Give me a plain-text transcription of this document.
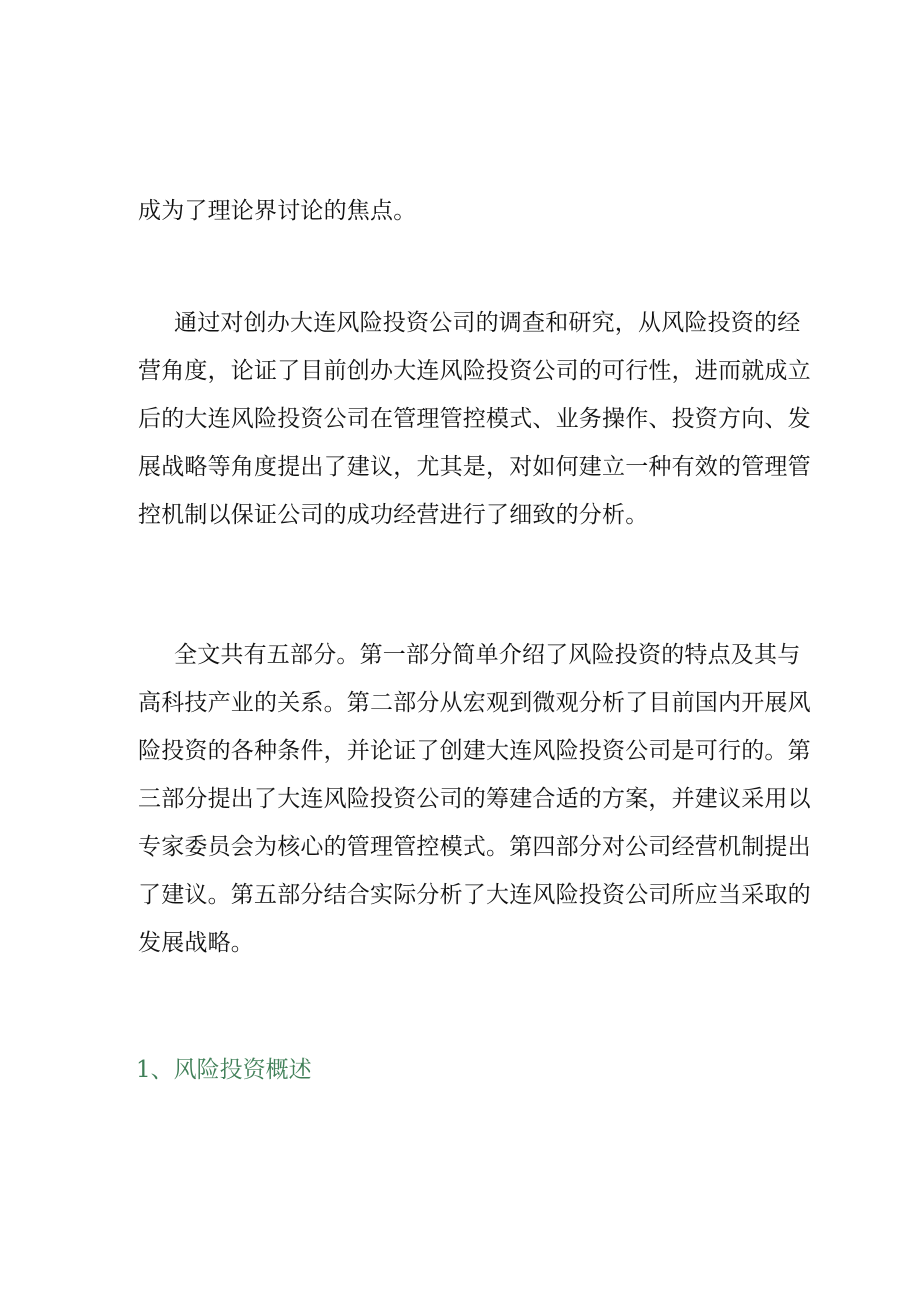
成为了理论界讨论的焦点。
通过对创办大连风险投资公司的调查和研究，从风险投资的经
营角度，论证了目前创办大连风险投资公司的可行性，进而就成立
后的大连风险投资公司在管理管控模式、业务操作、投资方向、发
展战略等角度提出了建议，尤其是，对如何建立一种有效的管理管
控机制以保证公司的成功经营进行了细致的分析。
全文共有五部分。第一部分简单介绍了风险投资的特点及其与
高科技产业的关系。第二部分从宏观到微观分析了目前国内开展风
险投资的各种条件，并论证了创建大连风险投资公司是可行的。第
三部分提出了大连风险投资公司的筹建合适的方案，并建议采用以
专家委员会为核心的管理管控模式。第四部分对公司经营机制提出
了建议。第五部分结合实际分析了大连风险投资公司所应当采取的
发展战略。
1、风险投资概述
